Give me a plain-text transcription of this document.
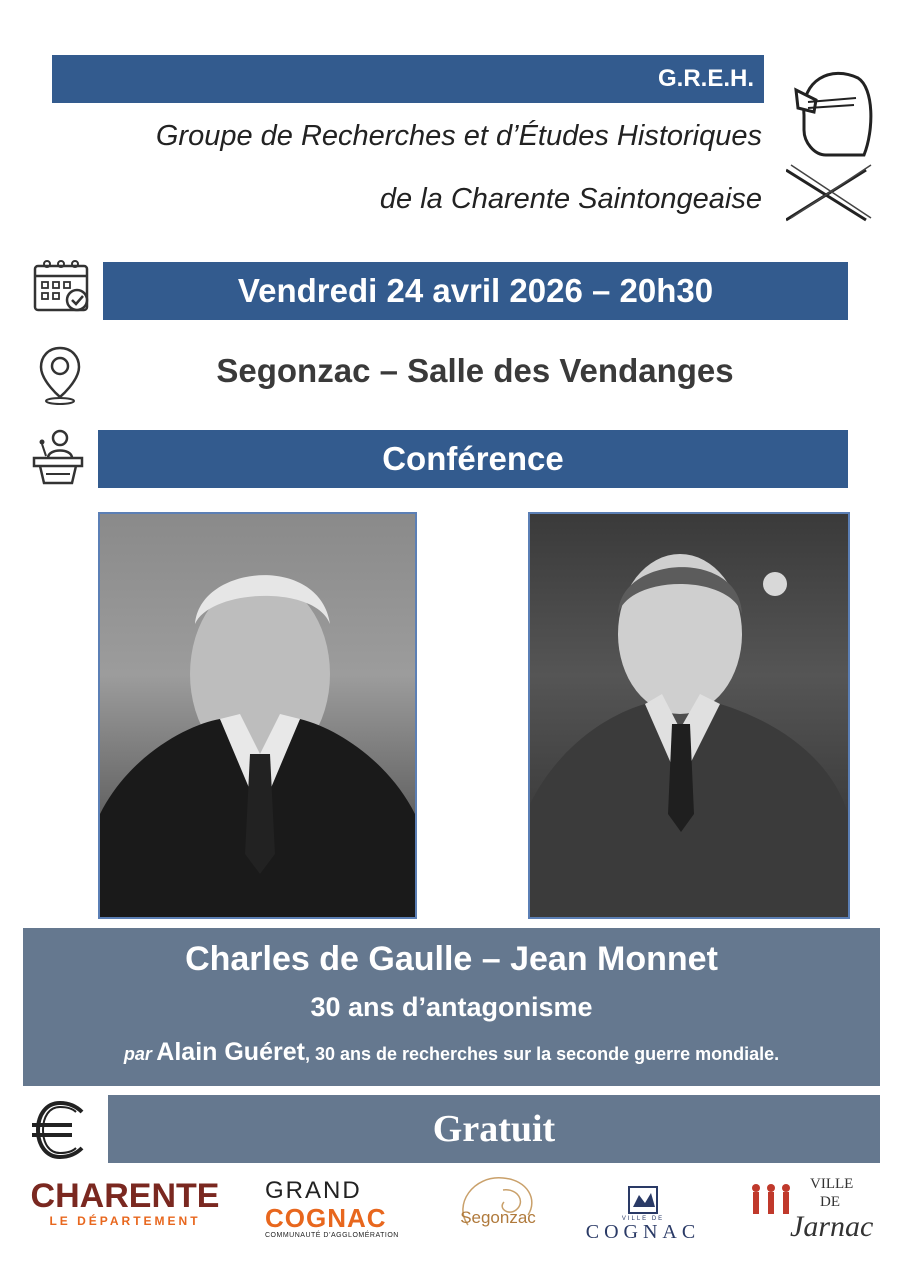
G.R.E.H.
Groupe de Recherches et d’Études Historiques
de la Charente Saintongeaise
Vendredi 24 avril 2026 – 20h30
Segonzac – Salle des Vendanges
Conférence
Charles de Gaulle – Jean Monnet
30 ans d’antagonisme
par Alain Guéret, 30 ans de recherches sur la seconde guerre mondiale.
Gratuit
CHARENTE
LE DÉPARTEMENT
GRAND
COGNAC
COMMUNAUTÉ D’AGGLOMÉRATION
Segonzac	VILLE DE
COGNAC
VILLE
DE
Jarnac
